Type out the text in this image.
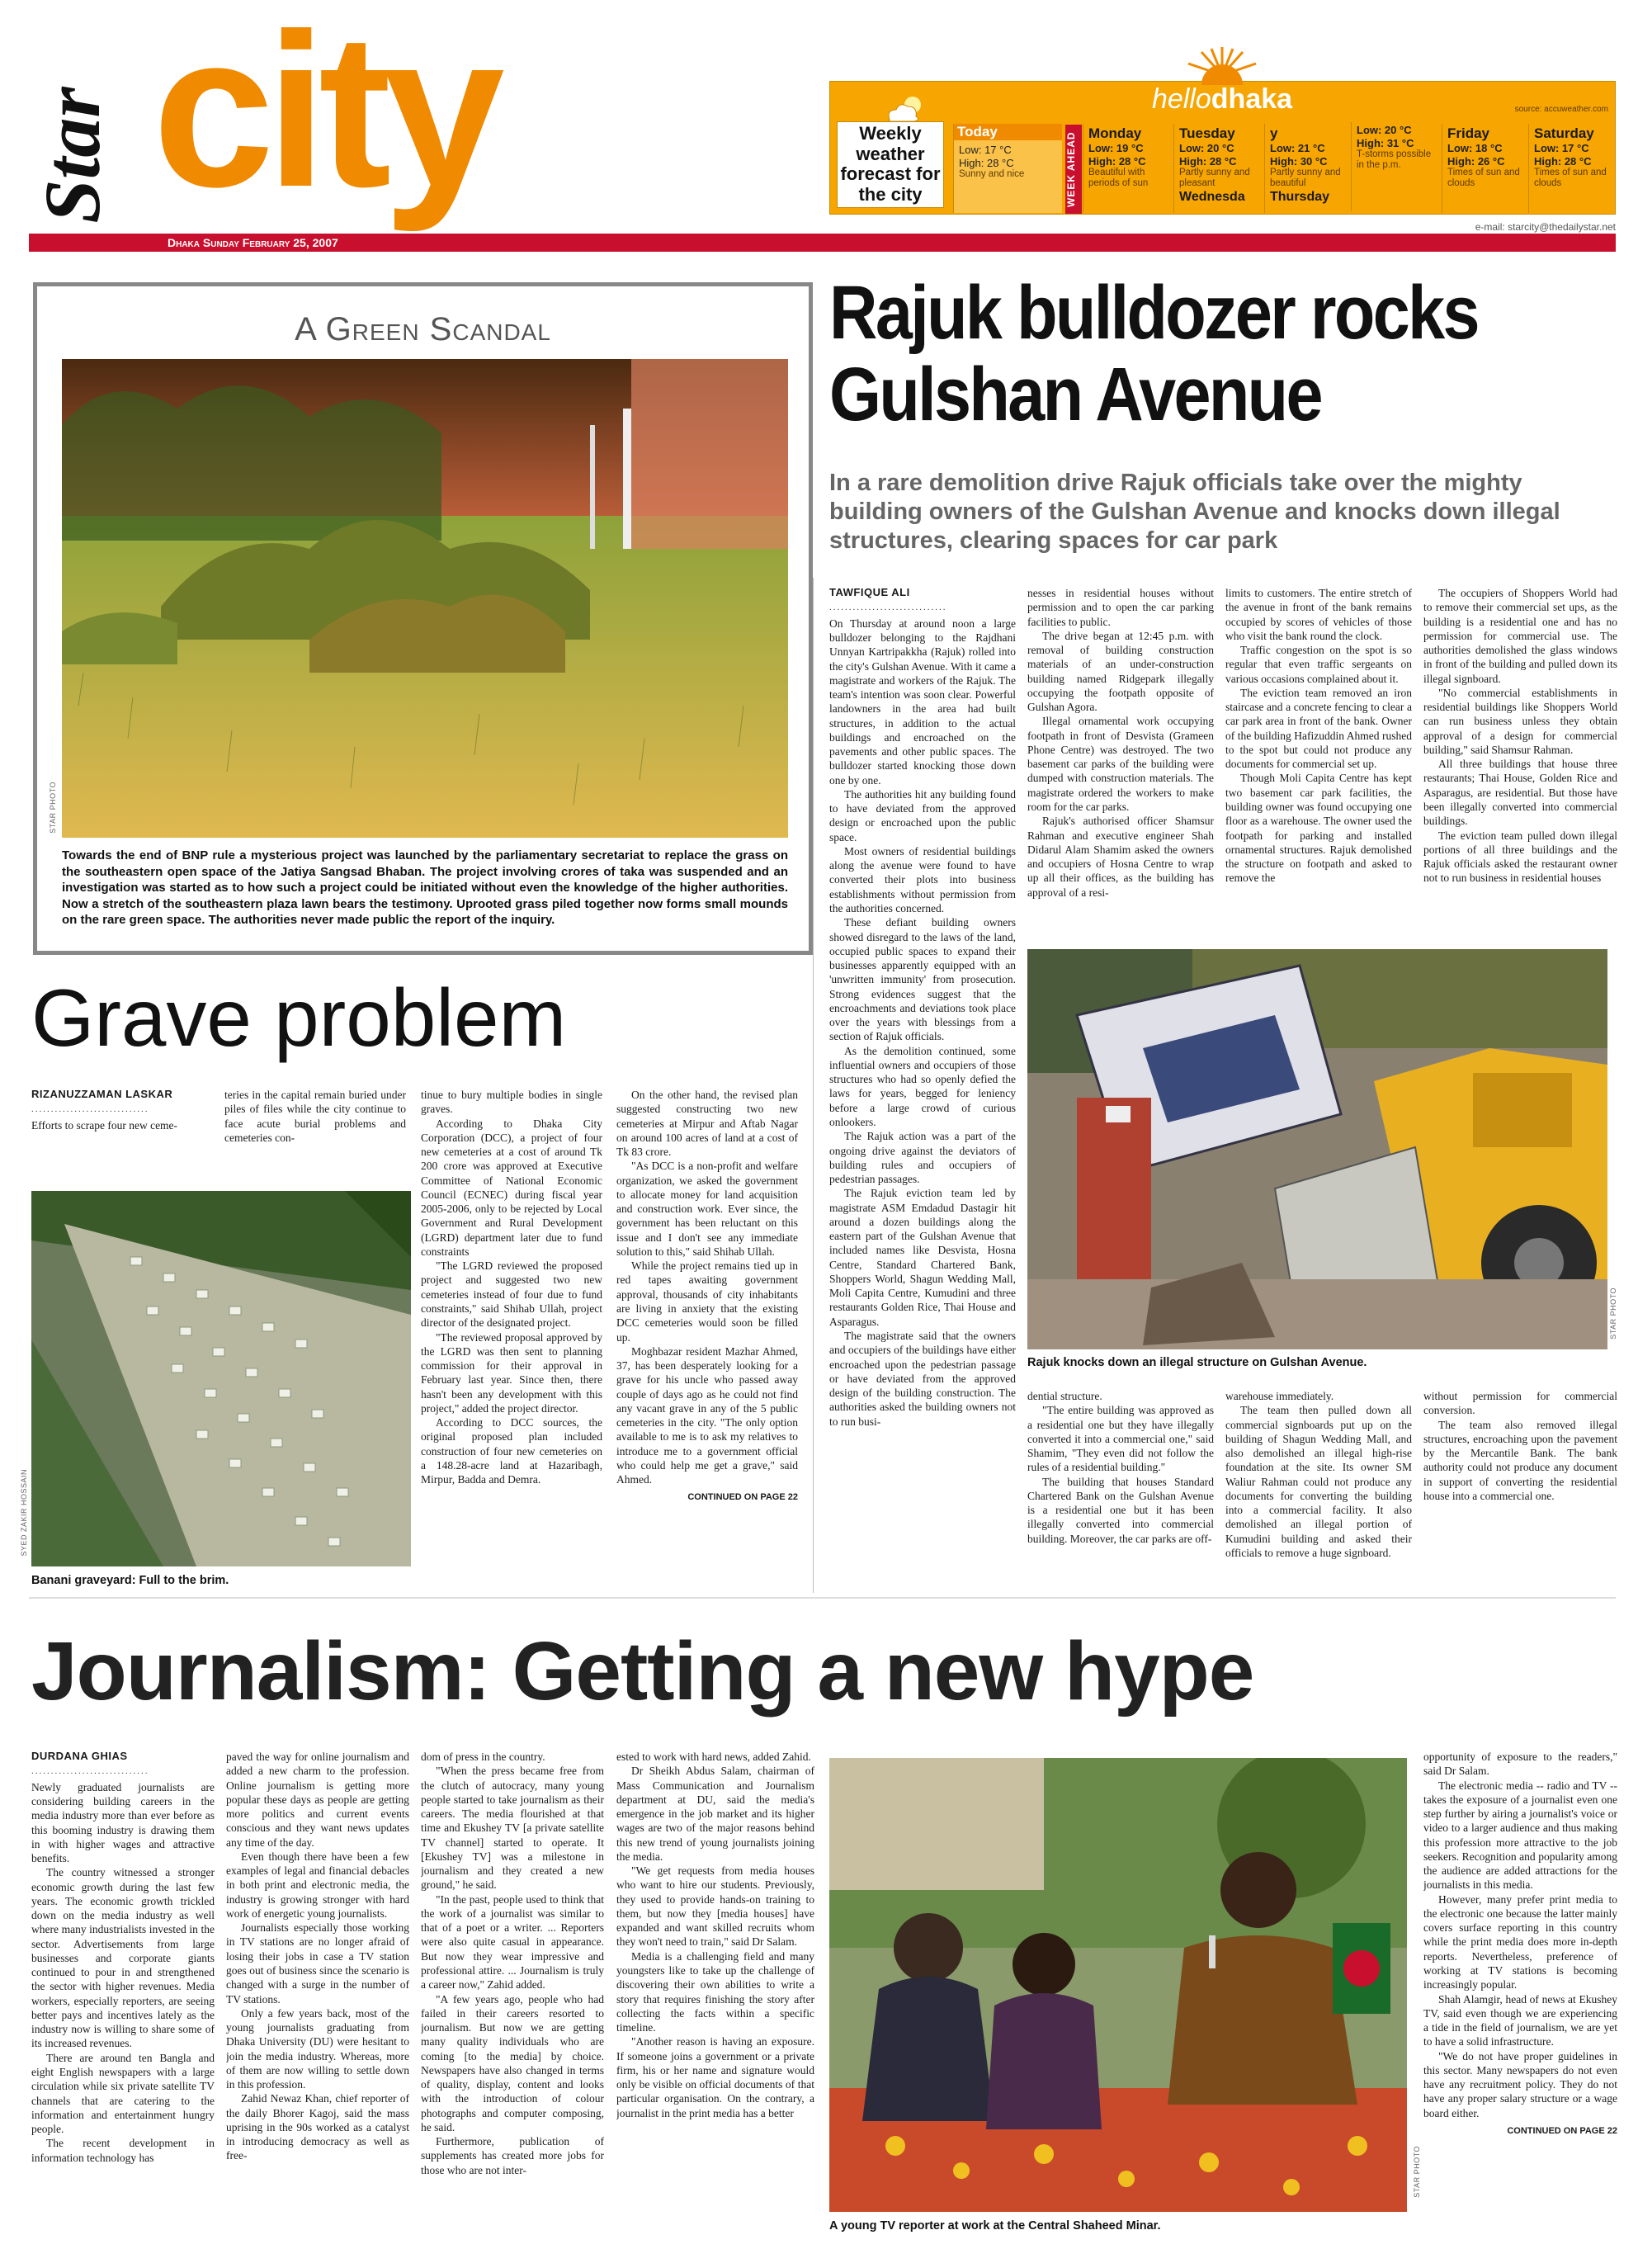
Star city
Dhaka Sunday February 25, 2007
hellodhaka	source: accuweather.com
Weekly weather forecast for the city	WEEK AHEAD
Today
Low: 17 °C
High: 28 °C
Sunny and nice
Monday
Low: 19 °C
High: 28 °C
Beautiful with periods of sun
Tuesday
Low: 20 °C
High: 28 °C
Partly sunny and pleasant
Wednesda
y
Low: 21 °C
High: 30 °C
Partly sunny and beautiful
Thursday
Low: 20 °C
High: 31 °C
T-storms possible in the p.m.
Friday
Low: 18 °C
High: 26 °C
Times of sun and clouds
Saturday
Low: 17 °C
High: 28 °C
Times of sun and clouds
e-mail: starcity@thedailystar.net
A Green Scandal
STAR PHOTO
Towards the end of BNP rule a mysterious project was launched by the parliamentary secretariat to replace the grass on the southeastern open space of the Jatiya Sangsad Bhaban. The project involving crores of taka was suspended and an investigation was started as to how such a project could be initiated without even the knowledge of the higher authorities. Now a stretch of the southeastern plaza lawn bears the testimony. Uprooted grass piled together now forms small mounds on the rare green space. The authorities never made public the report of the inquiry.
Rajuk bulldozer rocks Gulshan Avenue
In a rare demolition drive Rajuk officials take over the mighty building owners of the Gulshan Avenue and knocks down illegal structures, clearing spaces for car park
TAWFIQUE ALI
..............................

On Thursday at around noon a large bulldozer belonging to the Rajdhani Unnyan Kartripakkha (Rajuk) rolled into the city's Gulshan Avenue. With it came a magistrate and workers of the Rajuk. The team's intention was soon clear. Powerful landowners in the area had built structures, in addition to the actual buildings and encroached on the pavements and other public spaces. The bulldozer started knocking those down one by one.

The authorities hit any building found to have deviated from the approved design or encroached upon the public space.

Most owners of residential buildings along the avenue were found to have converted their plots into business establishments without permission from the authorities concerned.

These defiant building owners showed disregard to the laws of the land, occupied public spaces to expand their businesses apparently equipped with an 'unwritten immunity' from prosecution. Strong evidences suggest that the encroachments and deviations took place over the years with blessings from a section of Rajuk officials.

As the demolition continued, some influential owners and occupiers of those structures who had so openly defied the laws for years, begged for leniency before a large crowd of curious onlookers.

The Rajuk action was a part of the ongoing drive against the deviators of building rules and occupiers of pedestrian passages.

The Rajuk eviction team led by magistrate ASM Emdadud Dastagir hit around a dozen buildings along the eastern part of the Gulshan Avenue that included names like Desvista, Hosna Centre, Standard Chartered Bank, Shoppers World, Shagun Wedding Mall, Moli Capita Centre, Kumudini and three restaurants Golden Rice, Thai House and Asparagus.

The magistrate said that the owners and occupiers of the buildings have either encroached upon the pedestrian passage or have deviated from the approved design of the building construction. The authorities asked the building owners not to run busi-

nesses in residential houses without permission and to open the car parking facilities to public.

The drive began at 12:45 p.m. with removal of building construction materials of an under-construction building named Ridgepark illegally occupying the footpath opposite of Gulshan Agora.

Illegal ornamental work occupying footpath in front of Desvista (Grameen Phone Centre) was destroyed. The two basement car parks of the building were dumped with construction materials. The magistrate ordered the workers to make room for the car parks.

Rajuk's authorised officer Shamsur Rahman and executive engineer Shah Didarul Alam Shamim asked the owners and occupiers of Hosna Centre to wrap up all their offices, as the building has approval of a resi-

limits to customers. The entire stretch of the avenue in front of the bank remains occupied by scores of vehicles of those who visit the bank round the clock.

Traffic congestion on the spot is so regular that even traffic sergeants on various occasions complained about it.

The eviction team removed an iron staircase and a concrete fencing to clear a car park area in front of the bank. Owner of the building Hafizuddin Ahmed rushed to the spot but could not produce any documents for commercial set up.

Though Moli Capita Centre has kept two basement car park facilities, the building owner was found occupying one floor as a warehouse. The owner used the footpath for parking and installed ornamental structures. Rajuk demolished the structure on footpath and asked to remove the

The occupiers of Shoppers World had to remove their commercial set ups, as the building is a residential one and has no permission for commercial use. The authorities demolished the glass windows in front of the building and pulled down its illegal signboard.

"No commercial establishments in residential buildings like Shoppers World can run business unless they obtain approval of a design for commercial building," said Shamsur Rahman.

All three buildings that house three restaurants; Thai House, Golden Rice and Asparagus, are residential. But those have been illegally converted into commercial buildings.

The eviction team pulled down illegal portions of all three buildings and the Rajuk officials asked the restaurant owner not to run business in residential houses

STAR PHOTO
Rajuk knocks down an illegal structure on Gulshan Avenue.

dential structure.

"The entire building was approved as a residential one but they have illegally converted it into a commercial one," said Shamim, "They even did not follow the rules of a residential building."

The building that houses Standard Chartered Bank on the Gulshan Avenue is a residential one but it has been illegally converted into commercial building. Moreover, the car parks are off-

warehouse immediately.

The team then pulled down all commercial signboards put up on the building of Shagun Wedding Mall, and also demolished an illegal high-rise foundation at the site. Its owner SM Waliur Rahman could not produce any documents for converting the building into a commercial facility. It also demolished an illegal portion of Kumudini building and asked their officials to remove a huge signboard.

without permission for commercial conversion.

The team also removed illegal structures, encroaching upon the pavement by the Mercantile Bank. The bank authority could not produce any document in support of converting the residential house into a commercial one.

Grave problem
RIZANUZZAMAN LASKAR
..............................

Efforts to scrape four new ceme-

teries in the capital remain buried under piles of files while the city continue to face acute burial problems and cemeteries con-

SYED ZAKIR HOSSAIN
Banani graveyard: Full to the brim.

tinue to bury multiple bodies in single graves.

According to Dhaka City Corporation (DCC), a project of four new cemeteries at a cost of around Tk 200 crore was approved at Executive Committee of National Economic Council (ECNEC) during fiscal year 2005-2006, only to be rejected by Local Government and Rural Development (LGRD) department later due to fund constraints

"The LGRD reviewed the proposed project and suggested two new cemeteries instead of four due to fund constraints," said Shihab Ullah, project director of the designated project.

"The reviewed proposal approved by the LGRD was then sent to planning commission for their approval in February last year. Since then, there hasn't been any development with this project," added the project director.

According to DCC sources, the original proposed plan included construction of four new cemeteries on a 148.28-acre land at Hazaribagh, Mirpur, Badda and Demra.

On the other hand, the revised plan suggested constructing two new cemeteries at Mirpur and Aftab Nagar on around 100 acres of land at a cost of Tk 83 crore.

"As DCC is a non-profit and welfare organization, we asked the government to allocate money for land acquisition and construction work. Ever since, the government has been reluctant on this issue and I don't see any immediate solution to this," said Shihab Ullah.

While the project remains tied up in red tapes awaiting government approval, thousands of city inhabitants are living in anxiety that the existing DCC cemeteries would soon be filled up.

Moghbazar resident Mazhar Ahmed, 37, has been desperately looking for a grave for his uncle who passed away couple of days ago as he could not find any vacant grave in any of the 5 public cemeteries in the city. "The only option available to me is to ask my relatives to introduce me to a government official who could help me get a grave," said Ahmed.

CONTINUED ON PAGE 22
Journalism: Getting a new hype
DURDANA GHIAS
..............................

Newly graduated journalists are considering building careers in the media industry more than ever before as this booming industry is drawing them in with higher wages and attractive benefits.

The country witnessed a stronger economic growth during the last few years. The economic growth trickled down on the media industry as well where many industrialists invested in the sector. Advertisements from large businesses and corporate giants continued to pour in and strengthened the sector with higher revenues. Media workers, especially reporters, are seeing better pays and incentives lately as the industry now is willing to share some of its increased revenues.

There are around ten Bangla and eight English newspapers with a large circulation while six private satellite TV channels that are catering to the information and entertainment hungry people.

The recent development in information technology has

paved the way for online journalism and added a new charm to the profession. Online journalism is getting more popular these days as people are getting more politics and current events conscious and they want news updates any time of the day.

Even though there have been a few examples of legal and financial debacles in both print and electronic media, the industry is growing stronger with hard work of energetic young journalists.

Journalists especially those working in TV stations are no longer afraid of losing their jobs in case a TV station goes out of business since the scenario is changed with a surge in the number of TV stations.

Only a few years back, most of the young journalists graduating from Dhaka University (DU) were hesitant to join the media industry. Whereas, more of them are now willing to settle down in this profession.

Zahid Newaz Khan, chief reporter of the daily Bhorer Kagoj, said the mass uprising in the 90s worked as a catalyst in introducing democracy as well as free-

dom of press in the country.

"When the press became free from the clutch of autocracy, many young people started to take journalism as their careers. The media flourished at that time and Ekushey TV [a private satellite TV channel] started to operate. It [Ekushey TV] was a milestone in journalism and they created a new ground," he said.

"In the past, people used to think that the work of a journalist was similar to that of a poet or a writer. ... Reporters were also quite casual in appearance. But now they wear impressive and professional attire. ... Journalism is truly a career now," Zahid added.

"A few years ago, people who had failed in their careers resorted to journalism. But now we are getting many quality individuals who are coming [to the media] by choice. Newspapers have also changed in terms of quality, display, content and looks with the introduction of colour photographs and computer composing, he said.

Furthermore, publication of supplements has created more jobs for those who are not inter-

ested to work with hard news, added Zahid.

Dr Sheikh Abdus Salam, chairman of Mass Communication and Journalism department at DU, said the media's emergence in the job market and its higher wages are two of the major reasons behind this new trend of young journalists joining the media.

"We get requests from media houses who want to hire our students. Previously, they used to provide hands-on training to them, but now they [media houses] have expanded and want skilled recruits whom they won't need to train," said Dr Salam.

Media is a challenging field and many youngsters like to take up the challenge of discovering their own abilities to write a story that requires finishing the story after collecting the facts within a specific timeline.

"Another reason is having an exposure. If someone joins a government or a private firm, his or her name and signature would only be visible on official documents of that particular organisation. On the contrary, a journalist in the print media has a better

STAR PHOTO
A young TV reporter at work at the Central Shaheed Minar.

opportunity of exposure to the readers," said Dr Salam.

The electronic media -- radio and TV -- takes the exposure of a journalist even one step further by airing a journalist's voice or video to a larger audience and thus making this profession more attractive to the job seekers. Recognition and popularity among the audience are added attractions for the journalists in this media.

However, many prefer print media to the electronic one because the latter mainly covers surface reporting in this country while the print media does more in-depth reports. Nevertheless, preference of working at TV stations is becoming increasingly popular.

Shah Alamgir, head of news at Ekushey TV, said even though we are experiencing a tide in the field of journalism, we are yet to have a solid infrastructure.

"We do not have proper guidelines in this sector. Many newspapers do not even have any recruitment policy. They do not have any proper salary structure or a wage board either.

CONTINUED ON PAGE 22
